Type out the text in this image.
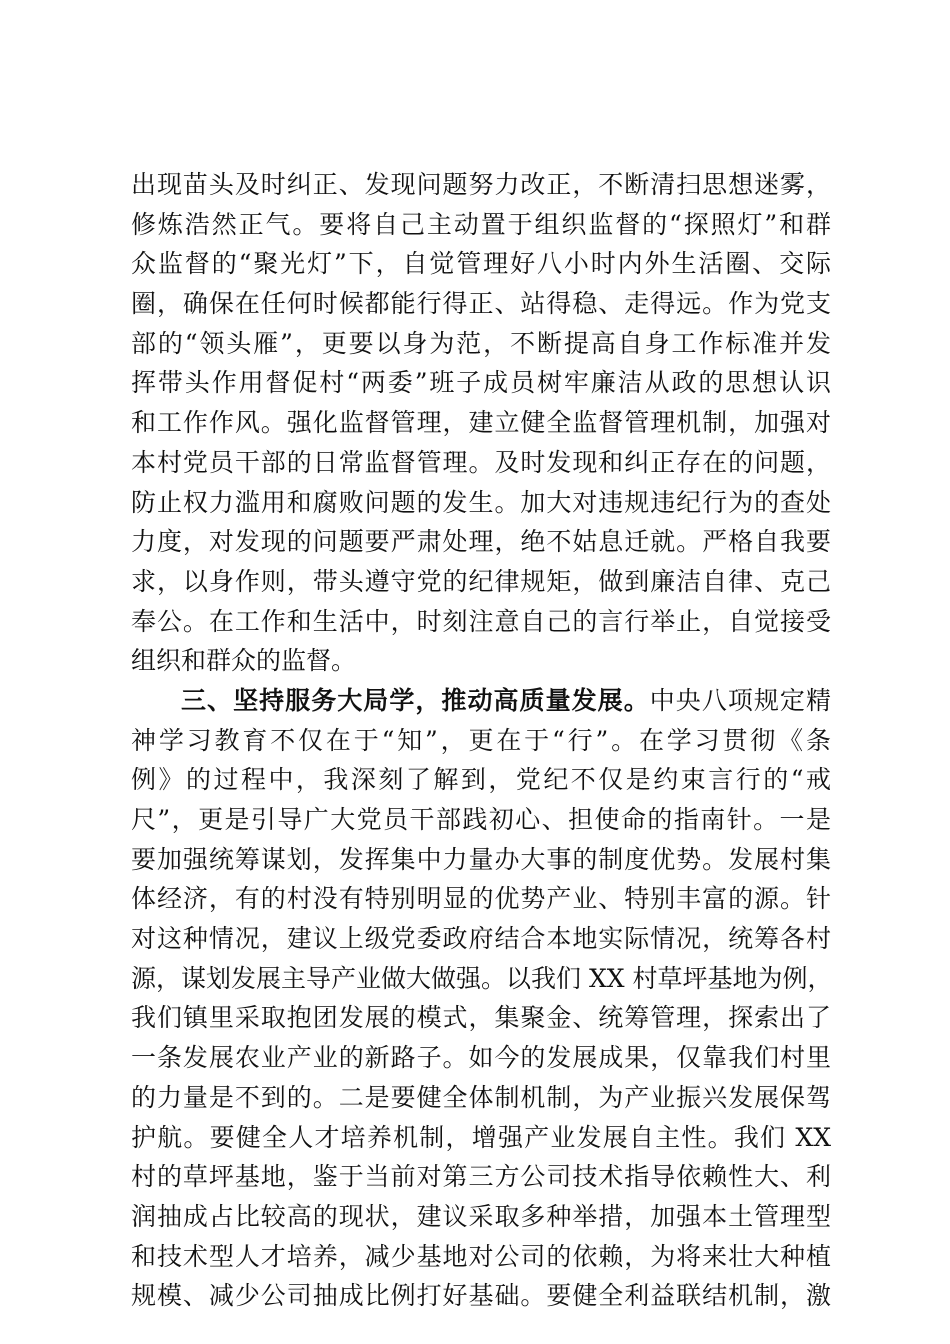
出现苗头及时纠正、发现问题努力改正，不断清扫思想迷雾，
修炼浩然正气。要将自己主动置于组织监督的“探照灯”和群
众监督的“聚光灯”下，自觉管理好八小时内外生活圈、交际
圈，确保在任何时候都能行得正、站得稳、走得远。作为党支
部的“领头雁”，更要以身为范，不断提高自身工作标准并发
挥带头作用督促村“两委”班子成员树牢廉洁从政的思想认识
和工作作风。强化监督管理，建立健全监督管理机制，加强对
本村党员干部的日常监督管理。及时发现和纠正存在的问题，
防止权力滥用和腐败问题的发生。加大对违规违纪行为的查处
力度，对发现的问题要严肃处理，绝不姑息迁就。严格自我要
求，以身作则，带头遵守党的纪律规矩，做到廉洁自律、克己
奉公。在工作和生活中，时刻注意自己的言行举止，自觉接受
组织和群众的监督。
三、坚持服务大局学，推动高质量发展。中央八项规定精
神学习教育不仅在于“知”，更在于“行”。在学习贯彻《条
例》的过程中，我深刻了解到，党纪不仅是约束言行的“戒
尺”，更是引导广大党员干部践初心、担使命的指南针。一是
要加强统筹谋划，发挥集中力量办大事的制度优势。发展村集
体经济，有的村没有特别明显的优势产业、特别丰富的源。针
对这种情况，建议上级党委政府结合本地实际情况，统筹各村
源，谋划发展主导产业做大做强。以我们 XX 村草坪基地为例，
我们镇里采取抱团发展的模式，集聚金、统筹管理，探索出了
一条发展农业产业的新路子。如今的发展成果，仅靠我们村里
的力量是不到的。二是要健全体制机制，为产业振兴发展保驾
护航。要健全人才培养机制，增强产业发展自主性。我们 XX
村的草坪基地，鉴于当前对第三方公司技术指导依赖性大、利
润抽成占比较高的现状，建议采取多种举措，加强本土管理型
和技术型人才培养，减少基地对公司的依赖，为将来壮大种植
规模、减少公司抽成比例打好基础。要健全利益联结机制，激
